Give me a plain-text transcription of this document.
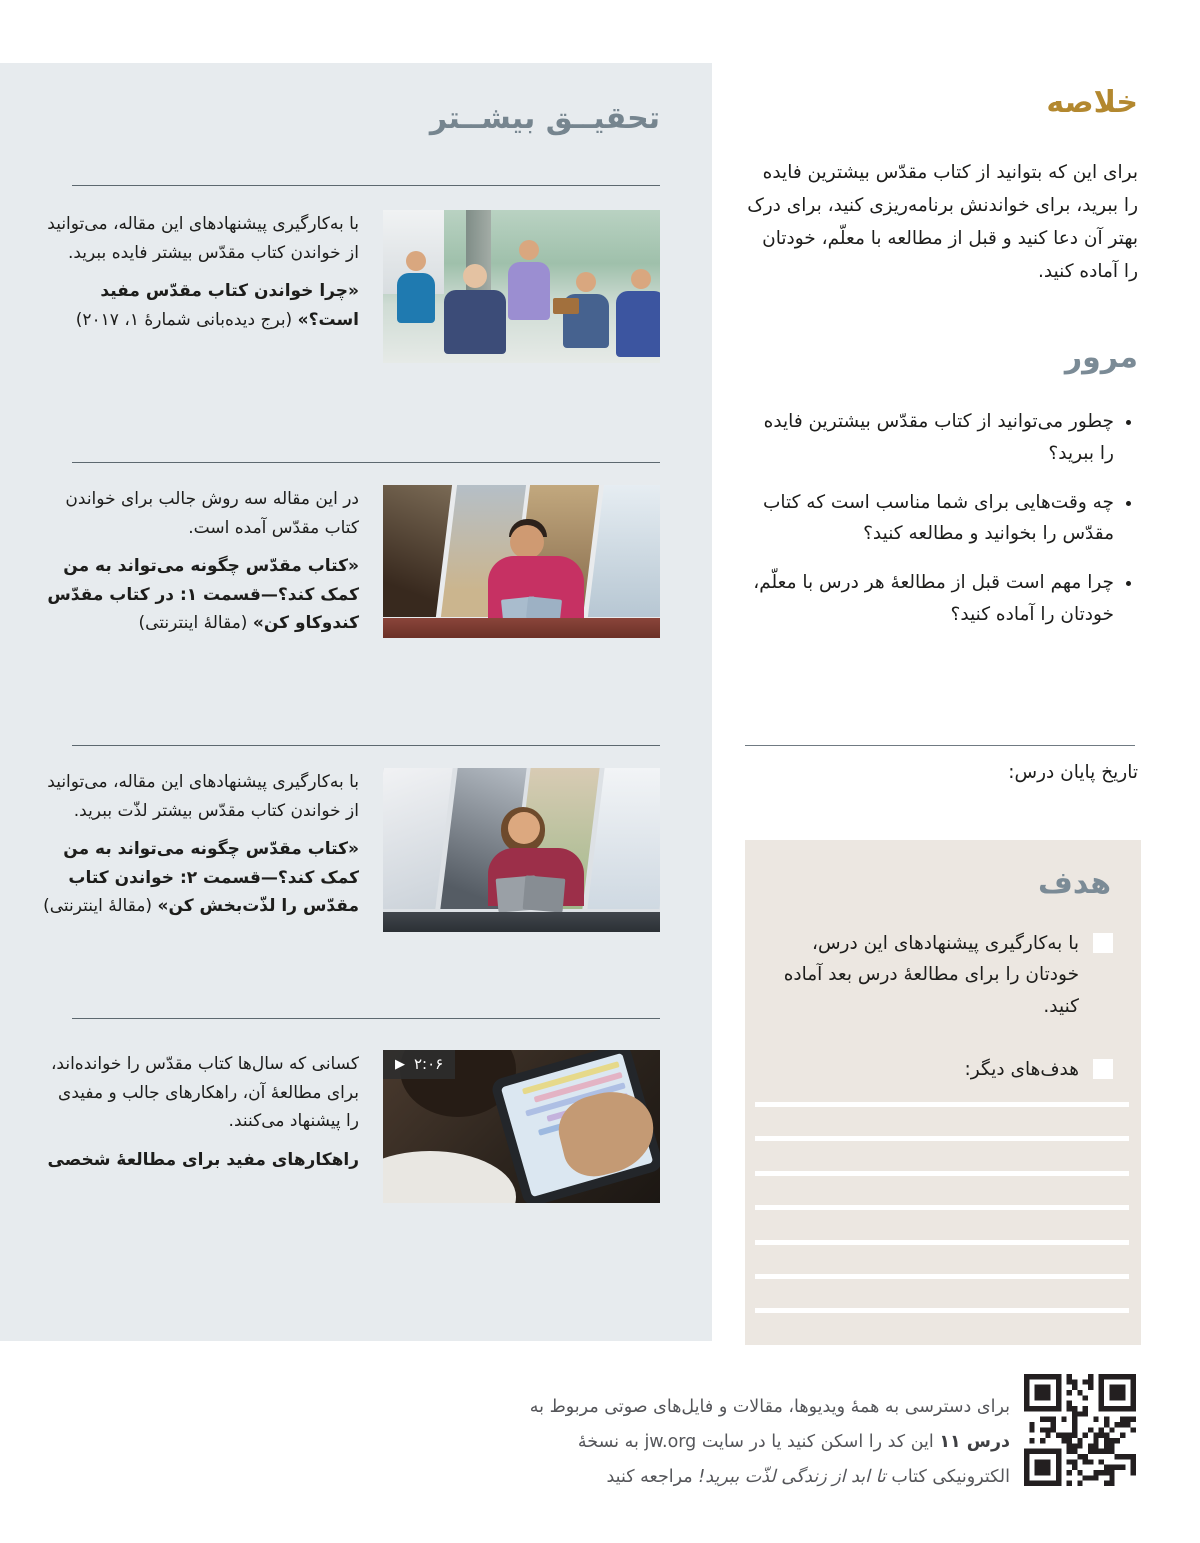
تحقیــق بیشــتر

با به‌کارگیری پیشنهادهای این مقاله، می‌توانید از خواندن کتاب مقدّس بیشتر فایده ببرید.

«چرا خواندن کتاب مقدّس مفید است؟» (برج دیده‌بانی شمارهٔ ۱، ۲۰۱۷)

در این مقاله سه روش جالب برای خواندن کتاب مقدّس آمده است.

«کتاب مقدّس چگونه می‌تواند به من کمک کند؟—قسمت ۱: در کتاب مقدّس کندوکاو کن» (مقالهٔ اینترنتی)

با به‌کارگیری پیشنهادهای این مقاله، می‌توانید از خواندن کتاب مقدّس بیشتر لذّت ببرید.

«کتاب مقدّس چگونه می‌تواند به من کمک کند؟—قسمت ۲: خواندن کتاب مقدّس را لذّت‌بخش کن» (مقالهٔ اینترنتی)

▶ ۲:۰۶

کسانی که سال‌ها کتاب مقدّس را خوانده‌اند، برای مطالعهٔ آن، راهکارهای جالب و مفیدی را پیشنهاد می‌کنند.

راهکارهای مفید برای مطالعهٔ شخصی

خلاصه
برای این که بتوانید از کتاب مقدّس بیشترین فایده را ببرید، برای خواندنش برنامه‌ریزی کنید، برای درک بهتر آن دعا کنید و قبل از مطالعه با معلّم، خودتان را آماده کنید.
مرور
• چطور می‌توانید از کتاب مقدّس بیشترین فایده را ببرید؟
• چه وقت‌هایی برای شما مناسب است که کتاب مقدّس را بخوانید و مطالعه کنید؟
• چرا مهم است قبل از مطالعهٔ هر درس با معلّم، خودتان را آماده کنید؟
تاریخ پایان درس:
هدف
با به‌کارگیری پیشنهادهای این درس، خودتان را برای مطالعهٔ درس بعد آماده کنید.
هدف‌های دیگر:
برای دسترسی به همهٔ ویدیوها، مقالات و فایل‌های صوتی مربوط به درس ۱۱ این کد را اسکن کنید یا در سایت jw.org به نسخهٔ الکترونیکی کتاب تا ابد از زندگی لذّت ببرید! مراجعه کنید
